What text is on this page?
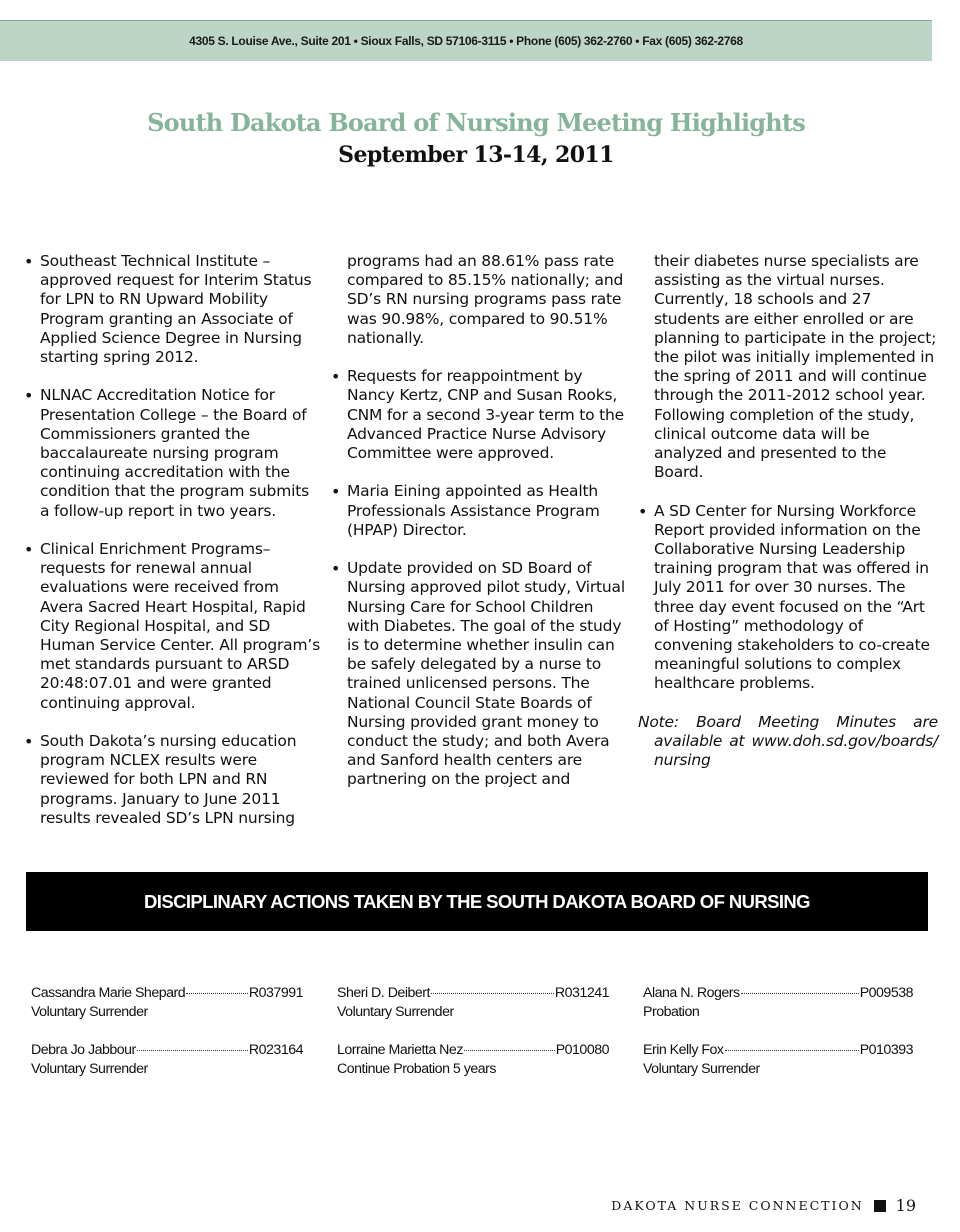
4305 S. Louise Ave., Suite 201 • Sioux Falls, SD 57106-3115 • Phone (605) 362-2760 • Fax (605) 362-2768
South Dakota Board of Nursing Meeting Highlights
September 13-14, 2011

• Southeast Technical Institute – approved request for Interim Status for LPN to RN Upward Mobility Program granting an Associate of Applied Science Degree in Nursing starting spring 2012.

• NLNAC Accreditation Notice for Presentation College – the Board of Commissioners granted the baccalaureate nursing program continuing accreditation with the condition that the program submits a follow-up report in two years.

• Clinical Enrichment Programs– requests for renewal annual evaluations were received from Avera Sacred Heart Hospital, Rapid City Regional Hospital, and SD Human Service Center. All program’s met standards pursuant to ARSD 20:48:07.01 and were granted continuing approval.

• South Dakota’s nursing education program NCLEX results were reviewed for both LPN and RN programs. January to June 2011 results revealed SD’s LPN nursing

programs had an 88.61% pass rate compared to 85.15% nationally; and SD’s RN nursing programs pass rate was 90.98%, compared to 90.51% nationally.

• Requests for reappointment by Nancy Kertz, CNP and Susan Rooks, CNM for a second 3-year term to the Advanced Practice Nurse Advisory Committee were approved.

• Maria Eining appointed as Health Professionals Assistance Program (HPAP) Director.

• Update provided on SD Board of Nursing approved pilot study, Virtual Nursing Care for School Children with Diabetes. The goal of the study is to determine whether insulin can be safely delegated by a nurse to trained unlicensed persons. The National Council State Boards of Nursing provided grant money to conduct the study; and both Avera and Sanford health centers are partnering on the project and

their diabetes nurse specialists are assisting as the virtual nurses. Currently, 18 schools and 27 students are either enrolled or are planning to participate in the project; the pilot was initially implemented in the spring of 2011 and will continue through the 2011-2012 school year. Following completion of the study, clinical outcome data will be analyzed and presented to the Board.

• A SD Center for Nursing Workforce Report provided information on the Collaborative Nursing Leadership training program that was offered in July 2011 for over 30 nurses. The three day event focused on the “Art of Hosting” methodology of convening stakeholders to co-create meaningful solutions to complex healthcare problems.

Note: Board Meeting Minutes are available at www.doh.sd.gov/boards/ nursing

DISCIPLINARY ACTIONS TAKEN BY THE SOUTH DAKOTA BOARD OF NURSING
Cassandra Marie Shepard	R037991
Voluntary Surrender
Sheri D. Deibert	R031241
Voluntary Surrender
Alana N. Rogers	P009538
Probation
Debra Jo Jabbour	R023164
Voluntary Surrender
Lorraine Marietta Nez	P010080
Continue Probation 5 years
Erin Kelly Fox	P010393
Voluntary Surrender
DAKOTA NURSE CONNECTION 19
